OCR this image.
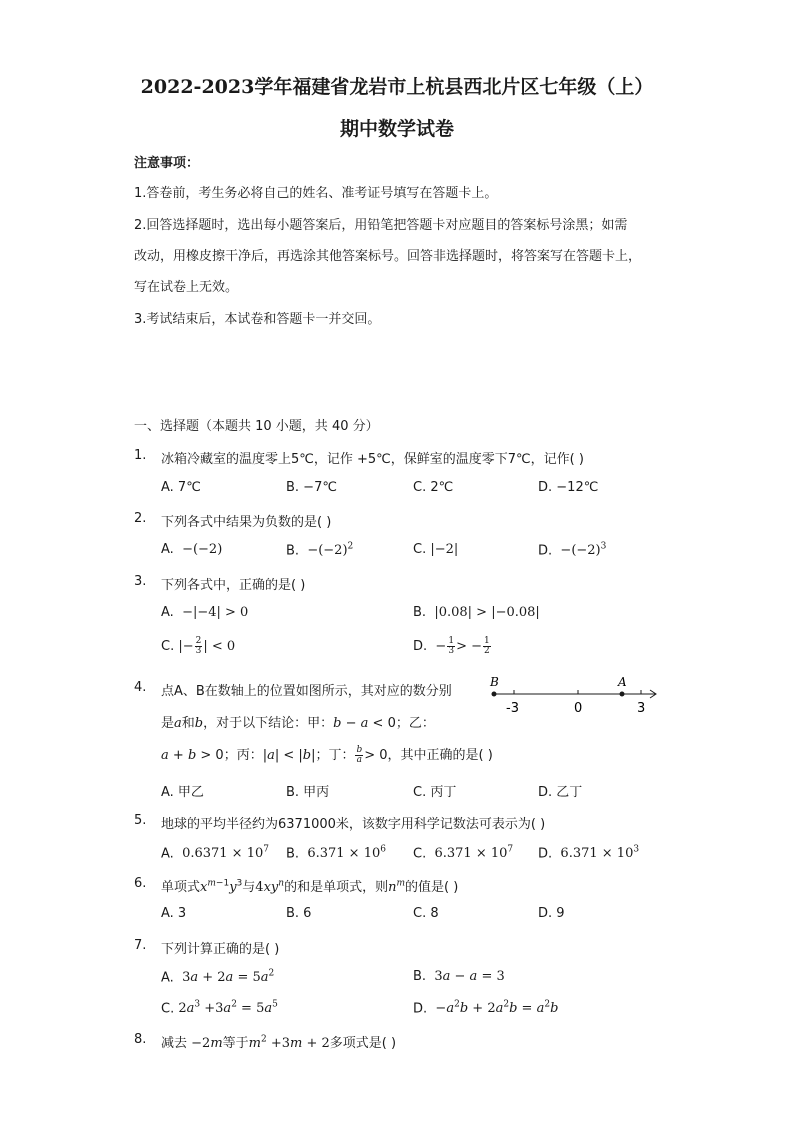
2022-2023学年福建省龙岩市上杭县西北片区七年级（上）
期中数学试卷
注意事项：
1.答卷前，考生务必将自己的姓名、准考证号填写在答题卡上。
2.回答选择题时，选出每小题答案后，用铅笔把答题卡对应题目的答案标号涂黑；如需
改动，用橡皮擦干净后，再选涂其他答案标号。回答非选择题时，将答案写在答题卡上，
写在试卷上无效。
3.考试结束后，本试卷和答题卡一并交回。
一、选择题（本题共 10 小题，共 40 分）
1. 冰箱冷藏室的温度零上5℃，记作 +5℃，保鲜室的温度零下7℃，记作( )
A. 7℃	B. −7℃	C. 2℃	D. −12℃
2. 下列各式中结果为负数的是( )
A.  −(−2)	B.  $-(-2)^2$	C. |−2|	D.  $-(-2)^3$
3. 下列各式中，正确的是( )
A.  −|−4| > 0	B.  |0.08| > |−0.08|
C. |− $\frac{2}{3}$ | < 0	D.  − $\frac{1}{3}$ > − $\frac{1}{2}$
4. 点A、B在数轴上的位置如图所示，其对应的数分别
是a和b，对于以下结论：甲：b − a < 0；乙：
a + b > 0；丙：|a| < |b|；丁： $\frac{b}{a} > 0$，其中正确的是( )
B	A
-3	0	3
A. 甲乙	B. 甲丙	C. 丙丁	D. 乙丁
5. 地球的平均半径约为6371000米，该数字用科学记数法可表示为( )
A.  $0.6371 \times 10^7$ B.  $6.371 \times 10^6$ C.  $6.371 \times 10^7$ D.  $6.371 \times 10^3$
6. 单项式$x^{m-1}y^3$与$4xy^n$的和是单项式，则$n^m$的值是( )
A. 3	B. 6	C. 8	D. 9
7. 下列计算正确的是( )
A.  $3a + 2a = 5a^2$	B.  3a − a = 3
C. $2a^3 +3a^2 = 5a^5$	D.  $-a^2b + 2a^2b = a^2b$
8. 减去 −2m等于$m^2 +3m + 2$多项式是( )
